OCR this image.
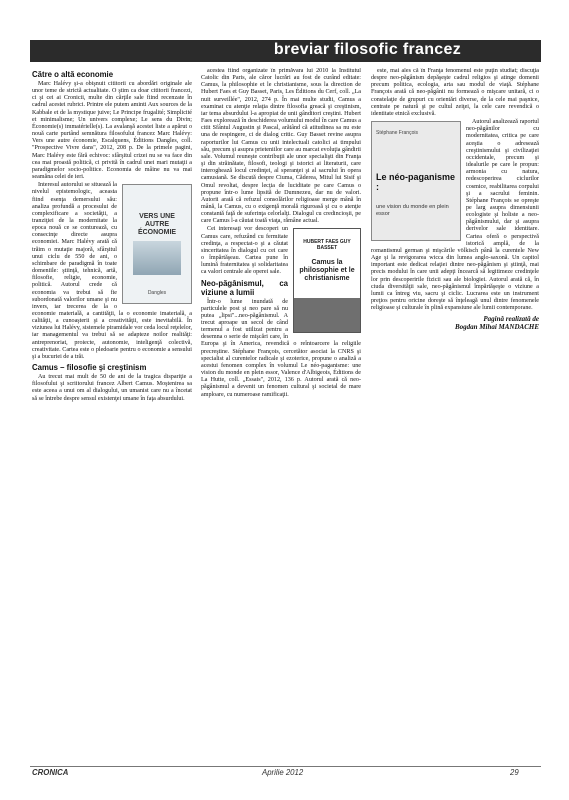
breviar filosofic francez
Către o altă economie

Marc Halévy şi-a obişnuit cititorii cu abordări originale ale unor teme de strictă actualitate. O ştim ca doar cititorii francezi, ci şi cei ai Cronicii, multe din cărţile sale fiind recenzate în cadrul acestei rubrici. Printre ele putem aminti Aux sources de la Kabbale et de la mystique juive; Le Principe frugalité; Simplicité et minimalisme; Un univers complexe; Le sens du Divin; Économie(s) immatérielle(s). La avalanşă acestei liste a apărut o nouă carte purtând semnătura filosofului francez Marc Halévy: Vers une autre économie, Escalquens, Éditions Dangles, coll. "Prospective Vivre dans", 2012, 208 p. De la primele pagini, Marc Halévy este fără echivoc: sfârşitul crizei nu se va face din cea mai proastă politică, ci privită în cadrul unei mari mutaţii a paradigmelor socio-politice. Economia de mâine nu va mai seamăna celei de ieri.

VERS UNE AUTRE ÉCONOMIE
Dangles

Interesul autorului se situează la nivelul epistemologic, aceasta fiind esenţa demersului său: analiza profundă a procesului de complexificare a societăţii, a tranziţiei de la modernitate la epoca nouă ce se conturează, cu consecinţe directe asupra economiei. Marc Halévy arată că trăim o mutaţie majoră, sfârşitul unui ciclu de 550 de ani, o schimbare de paradigmă în toate domeniile: ştiinţă, tehnică, artă, filosofie, religie, economie, politică. Autorul crede că economia va trebui să fie subordonată valorilor umane şi nu invers, iar trecerea de la o economie materială, a cantităţii, la o economie imaterială, a calităţii, a cunoaşterii şi a creativităţii, este inevitabilă. În viziunea lui Halévy, sistemele piramidale vor ceda locul reţelelor, iar managementul va trebui să se adapteze noilor realităţi: antreprenoriat, proiecte, autonomie, inteligenţă colectivă, creativitate. Cartea este o pledoarie pentru o economie a sensului şi a bucuriei de a trăi.

Camus – filosofie şi creştinism

Au trecut mai mult de 50 de ani de la tragica dispariţie a filosofului şi scriitorului francez Albert Camus. Moştenirea sa este aceea a unui om al dialogului, un umanist care nu a încetat să se întrebe despre sensul existenţei umane în faţa absurdului.

acestea fiind organizate în primăvara lui 2010 la Institutul Catolic din Paris, ale căror lucrări au fost de curând editate: Camus, la philosophie et le christianisme, sous la direction de Hubert Faes et Guy Basset, Paris, Les Éditions du Cerf, coll. „La nuit surveillée", 2012, 274 p. În mai multe studii, Camus a examinat cu atenţie relaţia dintre filosofia greacă şi creştinism, iar tema absurdului l-a apropiat de unii gânditori creştini. Hubert Faes explorează în deschiderea volumului modul în care Camus a citit Sfântul Augustin şi Pascal, arătând că atitudinea sa nu este una de respingere, ci de dialog critic. Guy Basset revine asupra raporturilor lui Camus cu unii intelectuali catolici ai timpului său, precum şi asupra prieteniilor care au marcat evoluţia gândirii sale. Volumul reuneşte contribuţii ale unor specialişti din Franţa şi din străinătate, filosofi, teologi şi istorici ai literaturii, care interoghează locul credinţei, al speranţei şi al sacrului în opera camusiană. Se discută despre Ciuma, Căderea, Mitul lui Sisif şi Omul revoltat, despre lecţia de luciditate pe care Camus o propune într-o lume lipsită de Dumnezeu, dar nu de valori. Autorii arată că refuzul consolărilor religioase merge mână în mână, la Camus, cu o exigenţă morală riguroasă şi cu o atenţie constantă faţă de suferinţa celorlalţi. Dialogul cu credincioşii, pe care Camus l-a căutat toată viaţa, rămâne actual.

HUBERT FAES GUY BASSET
Camus la philosophie et le christianisme

Cei interesaţi vor descoperi un Camus care, refuzând cu fermitate credinţa, a respectat-o şi a căutat sinceritatea în dialogul cu cei care o împărtăşeau. Cartea pune în lumină fraternitatea şi solidaritatea ca valori centrale ale operei sale.

Neo-păgânismul, ca viziune a lumii

Într-o lume inundată de particulele post şi neo pare să nu putea „lipsi"...neo-păgânismul. A trecut aproape un secol de când termenul a fost utilizat pentru a desemna o serie de mişcări care, în Europa şi în America, revendică o reîntoarcere la religiile precreştine. Stéphane François, cercetător asociat la CNRS şi specialist al curentelor radicale şi ezoterice, propune o analiză a acestui fenomen complex în volumul Le néo-paganisme: une vision du monde en plein essor, Valence d'Albigeois, Éditions de La Hutte, coll. „Essais", 2012, 136 p. Autorul arată că neo-păgânismul a devenit un fenomen cultural şi societal de mare amploare, cu numeroase ramificaţii.

este, mai ales că în Franţa fenomenul este puţin studiat; discuţia despre neo-păgânism depăşeşte cadrul religios şi atinge domenii precum politica, ecologia, arta sau modul de viaţă. Stéphane François arată că neo-păgânii nu formează o mişcare unitară, ci o constelaţie de grupuri cu orientări diverse, de la cele mai paşnice, centrate pe natură şi pe cultul zeiţei, la cele care revendică o identitate etnică exclusivă.

Stéphane François
Le néo-paganisme :
une vision du monde en plein essor

Autorul analizează raportul neo-păgânilor cu modernitatea, critica pe care aceştia o adresează creştinismului şi civilizaţiei occidentale, precum şi idealurile pe care le propun: armonia cu natura, redescoperirea ciclurilor cosmice, reabilitarea corpului şi a sacrului feminin. Stéphane François se opreşte pe larg asupra dimensiunii ecologiste şi holiste a neo-păgânismului, dar şi asupra derivelor sale identitare. Cartea oferă o perspectivă istorică amplă, de la romantismul german şi mişcările völkisch până la curentele New Age şi la revigorarea wicca din lumea anglo-saxonă. Un capitol important este dedicat relaţiei dintre neo-păgânism şi ştiinţă, mai precis modului în care unii adepţi încearcă să legitimeze credinţele lor prin descoperirile fizicii sau ale biologiei. Autorul arată că, în ciuda diversităţii sale, neo-păgânismul împărtăşeşte o viziune a lumii ca întreg viu, sacru şi ciclic. Lucrarea este un instrument preţios pentru oricine doreşte să înţeleagă unul dintre fenomenele religioase şi culturale în plină expansiune ale lumii contemporane.

Pagină realizată de
Bogdan Mihai MANDACHE
CRONICA	Aprilie 2012	29
